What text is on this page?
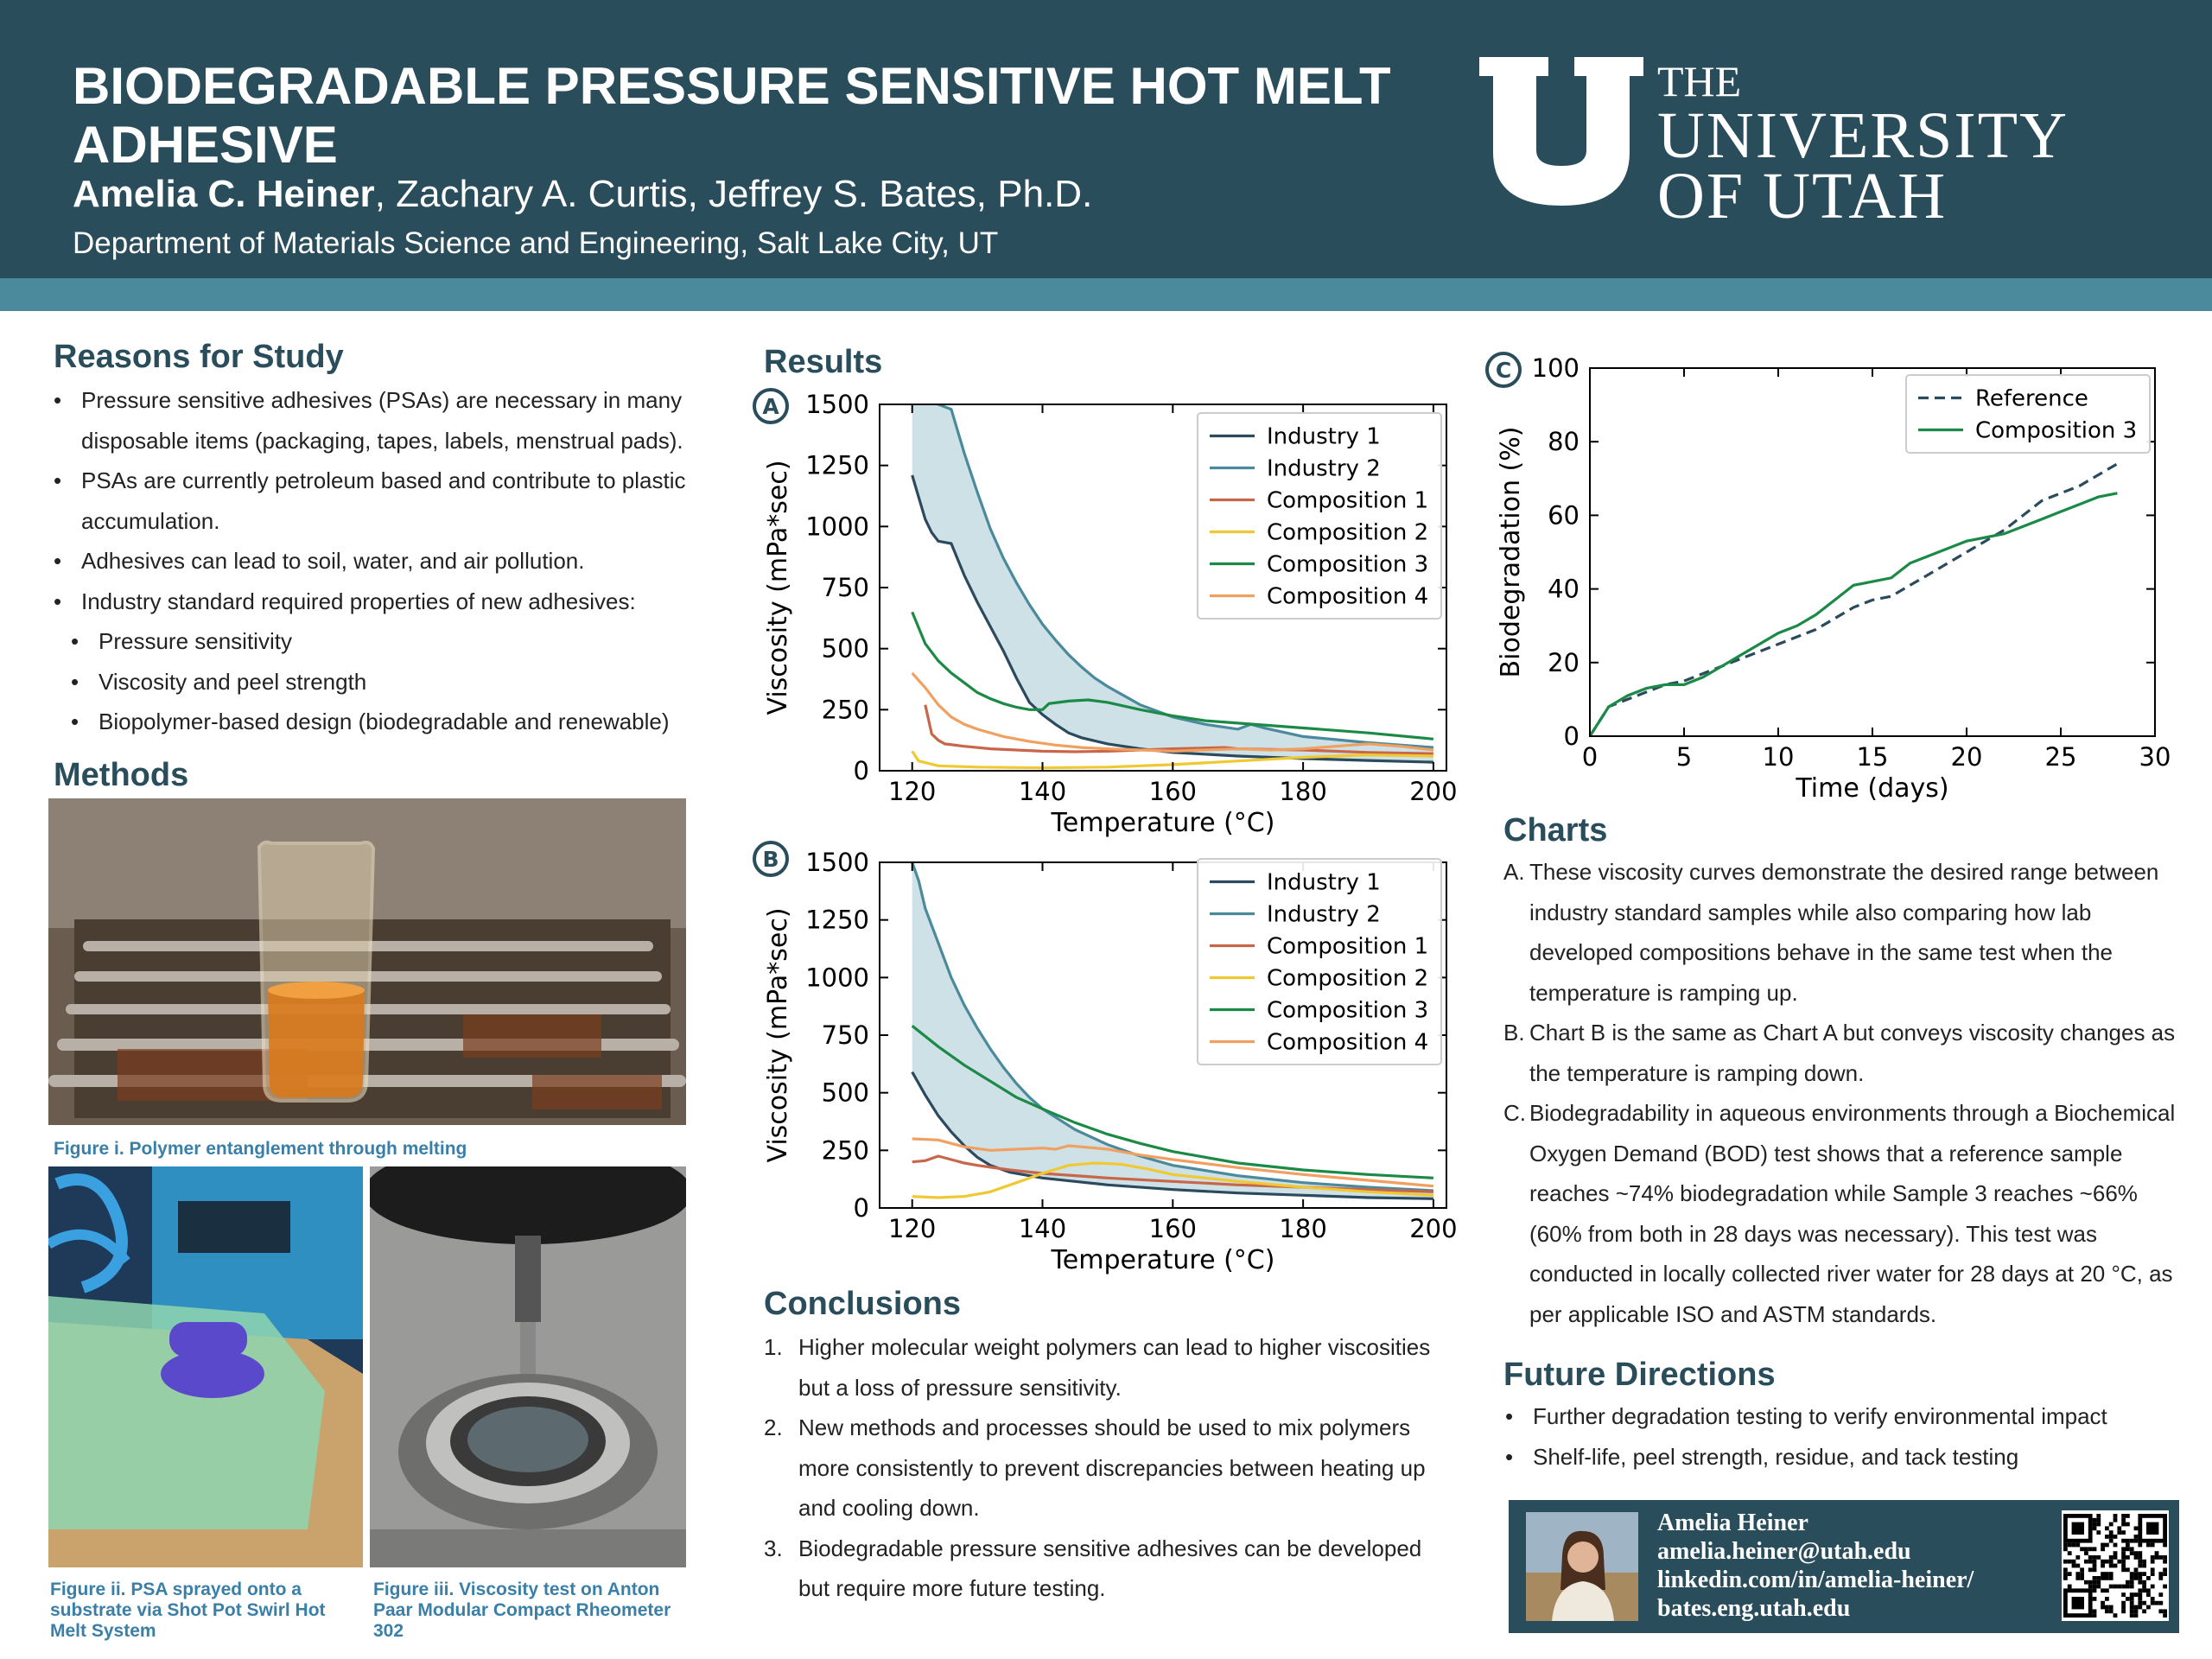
BIODEGRADABLE PRESSURE SENSITIVE HOT MELT ADHESIVE
Amelia C. Heiner, Zachary A. Curtis, Jeffrey S. Bates, Ph.D.
Department of Materials Science and Engineering, Salt Lake City, UT
THE
UNIVERSITY
OF UTAH
Reasons for Study
• Pressure sensitive adhesives (PSAs) are necessary in many disposable items (packaging, tapes, labels, menstrual pads).
• PSAs are currently petroleum based and contribute to plastic accumulation.
• Adhesives can lead to soil, water, and air pollution.
• Industry standard required properties of new adhesives:
• Pressure sensitivity
• Viscosity and peel strength
• Biopolymer-based design (biodegradable and renewable)
Methods
Figure i. Polymer entanglement through melting
Figure ii. PSA sprayed onto a substrate via Shot Pot Swirl Hot Melt System
Figure iii. Viscosity test on Anton Paar Modular Compact Rheometer 302
Results
120	140	160	180	200
0
250
500
750
1000
1250
1500
Temperature (°C)
Viscosity (mPa*sec)
A
Industry 1
Industry 2
Composition 1
Composition 2
Composition 3
Composition 4
120	140	160	180	200
0
250
500
750
1000
1250
1500
Temperature (°C)
Viscosity (mPa*sec)
B
Industry 1
Industry 2
Composition 1
Composition 2
Composition 3
Composition 4
Conclusions
1. Higher molecular weight polymers can lead to higher viscosities but a loss of pressure sensitivity.
2. New methods and processes should be used to mix polymers more consistently to prevent discrepancies between heating up and cooling down.
3. Biodegradable pressure sensitive adhesives can be developed but require more future testing.
0	5	10 15 20 25 30
0
20
40
60
80
100
Time (days)
Biodegradation (%)
C
Reference
Composition 3
Charts
A. These viscosity curves demonstrate the desired range between industry standard samples while also comparing how lab developed compositions behave in the same test when the temperature is ramping up.
B. Chart B is the same as Chart A but conveys viscosity changes as the temperature is ramping down.
C. Biodegradability in aqueous environments through a Biochemical Oxygen Demand (BOD) test shows that a reference sample reaches ~74% biodegradation while Sample 3 reaches ~66% (60% from both in 28 days was necessary). This test was conducted in locally collected river water for 28 days at 20 °C, as per applicable ISO and ASTM standards.
Future Directions
• Further degradation testing to verify environmental impact
• Shelf-life, peel strength, residue, and tack testing
Amelia Heiner
amelia.heiner@utah.edu
linkedin.com/in/amelia-heiner/
bates.eng.utah.edu
